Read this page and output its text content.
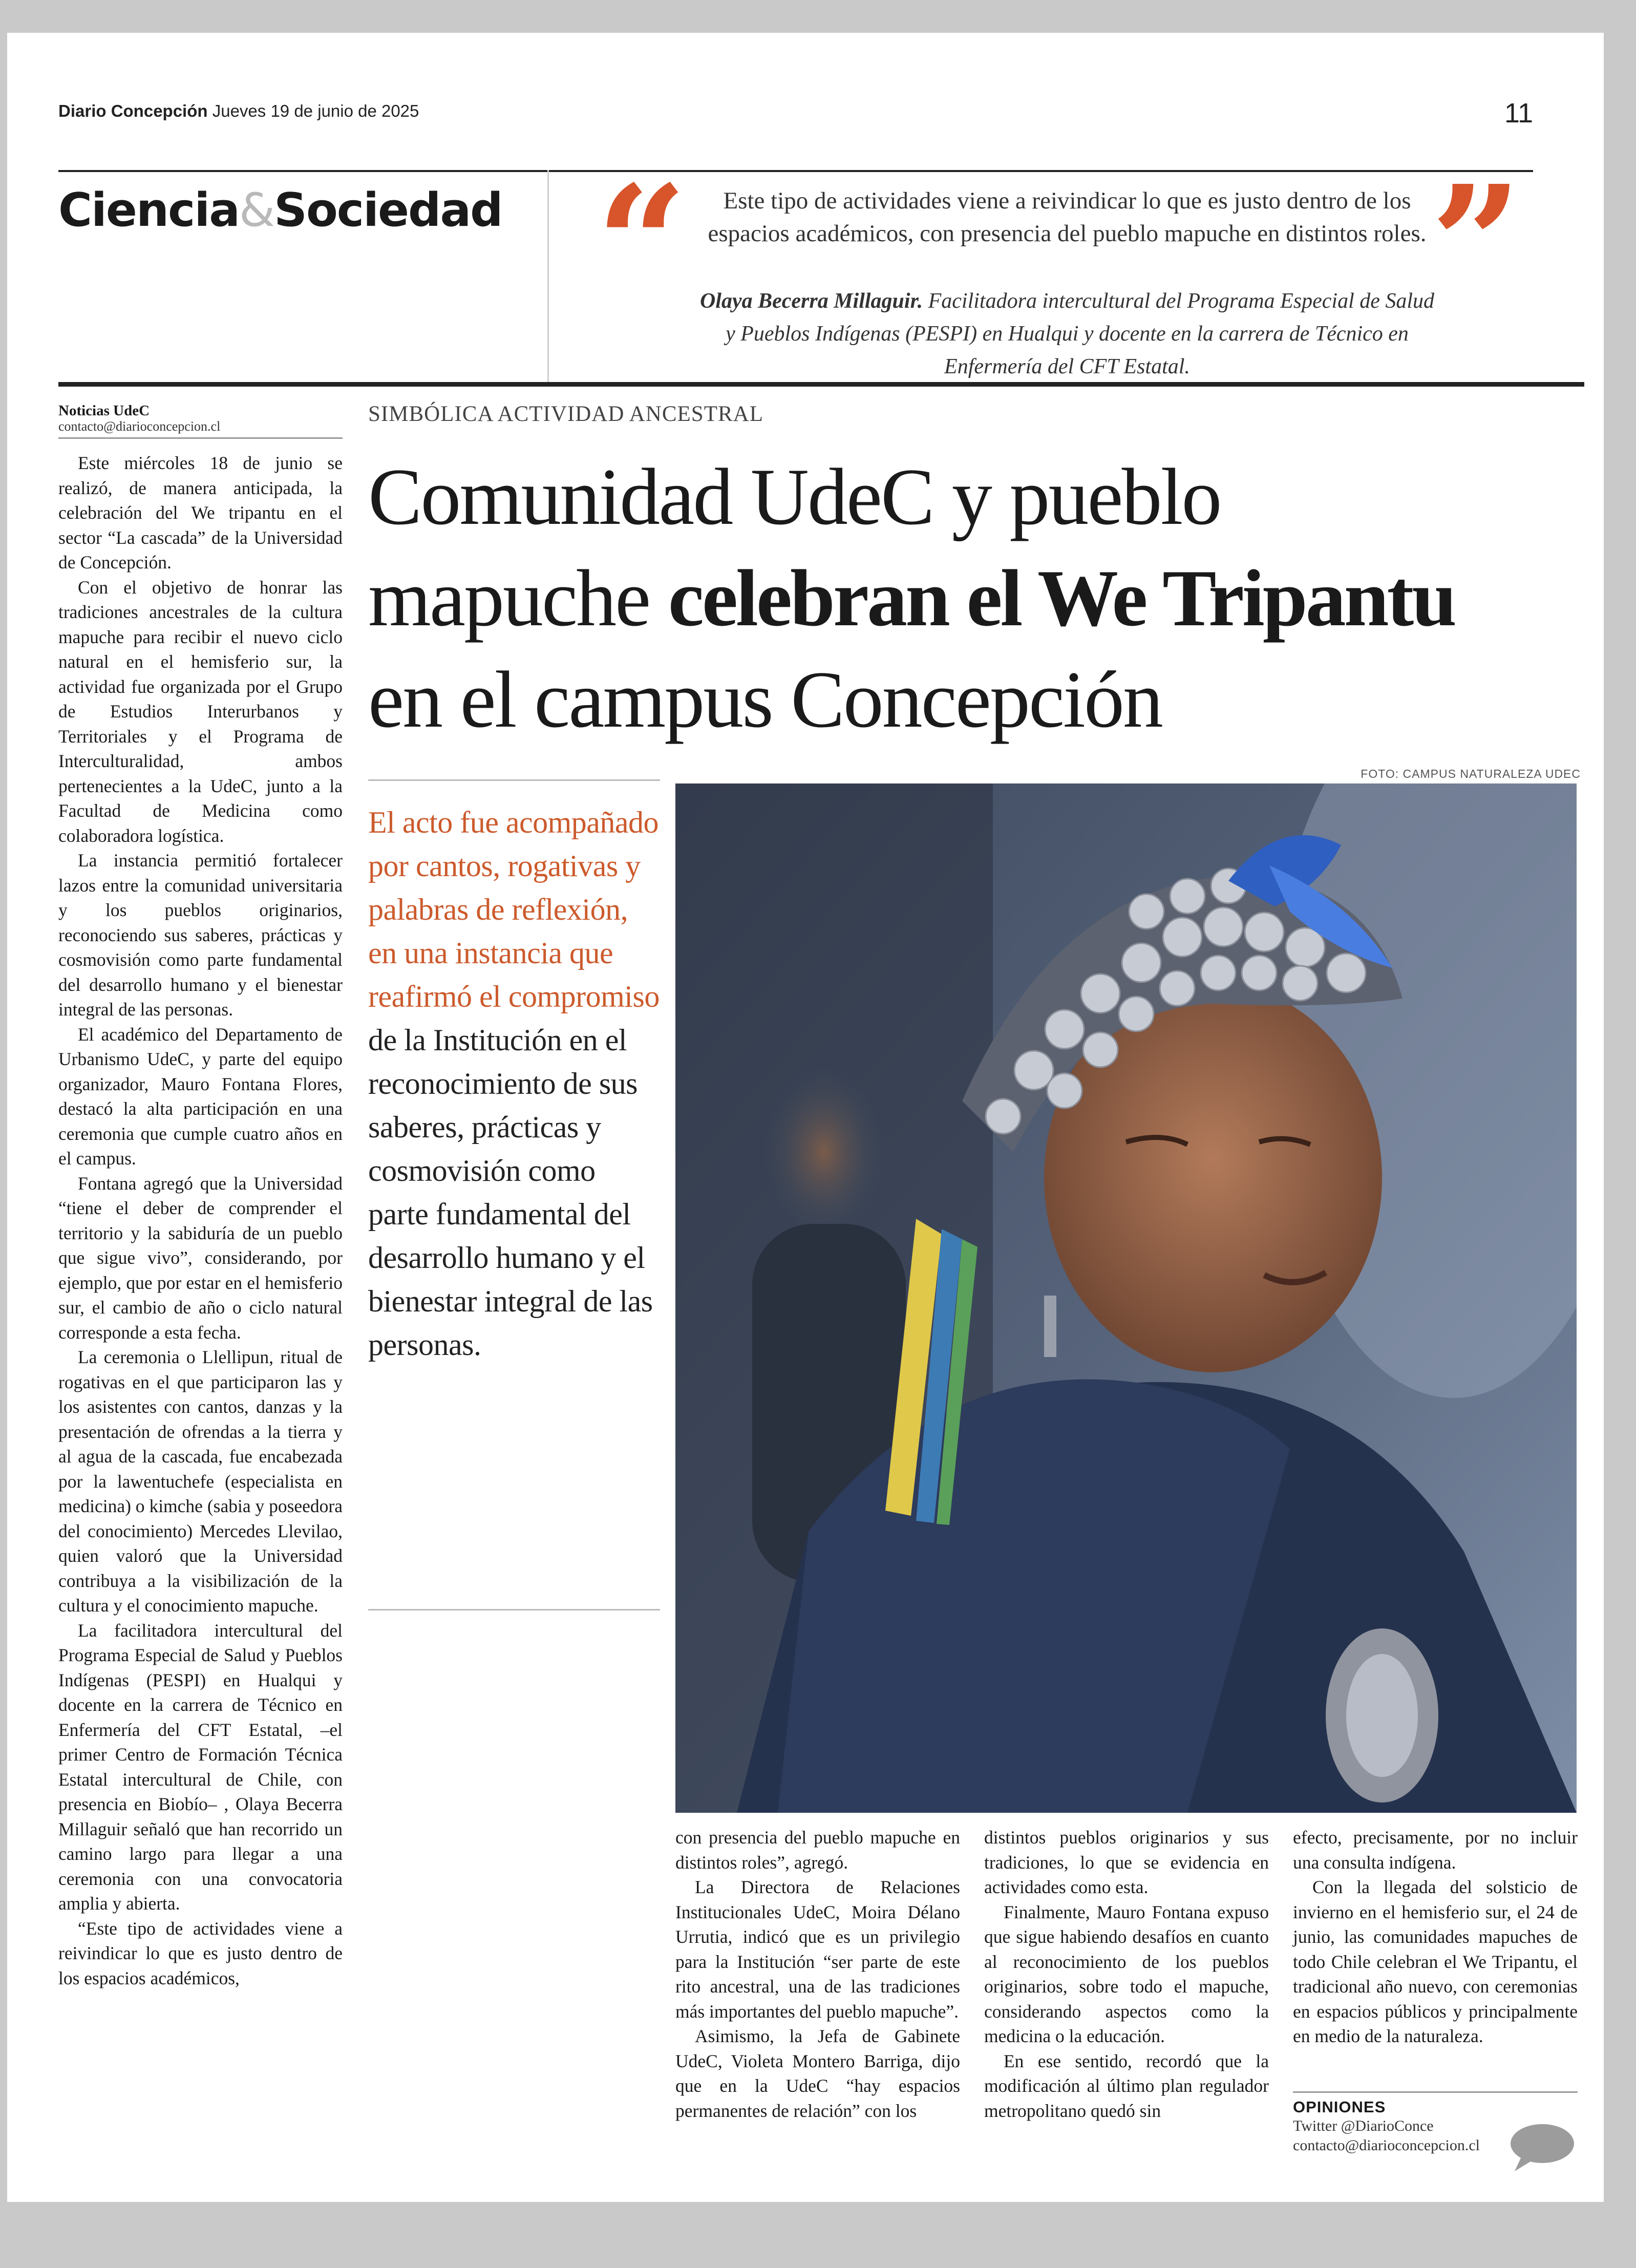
Diario Concepción Jueves 19 de junio de 2025	11
Ciencia&Sociedad “	Este tipo de actividades viene a reivindicar lo que es justo dentro de los espacios académicos, con presencia del pueblo mapuche en distintos roles.
Olaya Becerra Millaguir. Facilitadora intercultural del Programa Especial de Salud y Pueblos Indígenas (PESPI) en Hualqui y docente en la carrera de Técnico en Enfermería del CFT Estatal.
”
Noticias UdeC
contacto@diarioconcepcion.cl

Este miércoles 18 de junio se realizó, de manera anticipada, la celebración del We tripantu en el sector “La cascada” de la Universidad de Concepción.

Con el objetivo de honrar las tradiciones ancestrales de la cultura mapuche para recibir el nuevo ciclo natural en el hemisferio sur, la actividad fue organizada por el Grupo de Estudios Interurbanos y Territoriales y el Programa de Interculturalidad, ambos pertenecientes a la UdeC, junto a la Facultad de Medicina como colaboradora logística.

La instancia permitió fortalecer lazos entre la comunidad universitaria y los pueblos originarios, reconociendo sus saberes, prácticas y cosmovisión como parte fundamental del desarrollo humano y el bienestar integral de las personas.

El académico del Departamento de Urbanismo UdeC, y parte del equipo organizador, Mauro Fontana Flores, destacó la alta participación en una ceremonia que cumple cuatro años en el campus.

Fontana agregó que la Universidad “tiene el deber de comprender el territorio y la sabiduría de un pueblo que sigue vivo”, considerando, por ejemplo, que por estar en el hemisferio sur, el cambio de año o ciclo natural corresponde a esta fecha.

La ceremonia o Llellipun, ritual de rogativas en el que participaron las y los asistentes con cantos, danzas y la presentación de ofrendas a la tierra y al agua de la cascada, fue encabezada por la lawentuchefe (especialista en medicina) o kimche (sabia y poseedora del conocimiento) Mercedes Llevilao, quien valoró que la Universidad contribuya a la visibilización de la cultura y el conocimiento mapuche.

La facilitadora intercultural del Programa Especial de Salud y Pueblos Indígenas (PESPI) en Hualqui y docente en la carrera de Técnico en Enfermería del CFT Estatal, –el primer Centro de Formación Técnica Estatal intercultural de Chile, con presencia en Biobío– , Olaya Becerra Millaguir señaló que han recorrido un camino largo para llegar a una ceremonia con una convocatoria amplia y abierta.

“Este tipo de actividades viene a reivindicar lo que es justo dentro de los espacios académicos,

SIMBÓLICA ACTIVIDAD ANCESTRAL
Comunidad UdeC y pueblo
mapuche celebran el We Tripantu
en el campus Concepción
El acto fue acompañado por cantos, rogativas y palabras de reflexión, en una instancia que reafirmó el compromiso de la Institución en el reconocimiento de sus saberes, prácticas y cosmovisión como parte fundamental del desarrollo humano y el bienestar integral de las personas.
FOTO: CAMPUS NATURALEZA UDEC

con presencia del pueblo mapuche en distintos roles”, agregó.

La Directora de Relaciones Institucionales UdeC, Moira Délano Urrutia, indicó que es un privilegio para la Institución “ser parte de este rito ancestral, una de las tradiciones más importantes del pueblo mapuche”.

Asimismo, la Jefa de Gabinete UdeC, Violeta Montero Barriga, dijo que en la UdeC “hay espacios permanentes de relación” con los

distintos pueblos originarios y sus tradiciones, lo que se evidencia en actividades como esta.

Finalmente, Mauro Fontana expuso que sigue habiendo desafíos en cuanto al reconocimiento de los pueblos originarios, sobre todo el mapuche, considerando aspectos como la medicina o la educación.

En ese sentido, recordó que la modificación al último plan regulador metropolitano quedó sin

efecto, precisamente, por no incluir una consulta indígena.

Con la llegada del solsticio de invierno en el hemisferio sur, el 24 de junio, las comunidades mapuches de todo Chile celebran el We Tripantu, el tradicional año nuevo, con ceremonias en espacios públicos y principalmente en medio de la naturaleza.

OPINIONES
Twitter @DiarioConce
contacto@diarioconcepcion.cl
